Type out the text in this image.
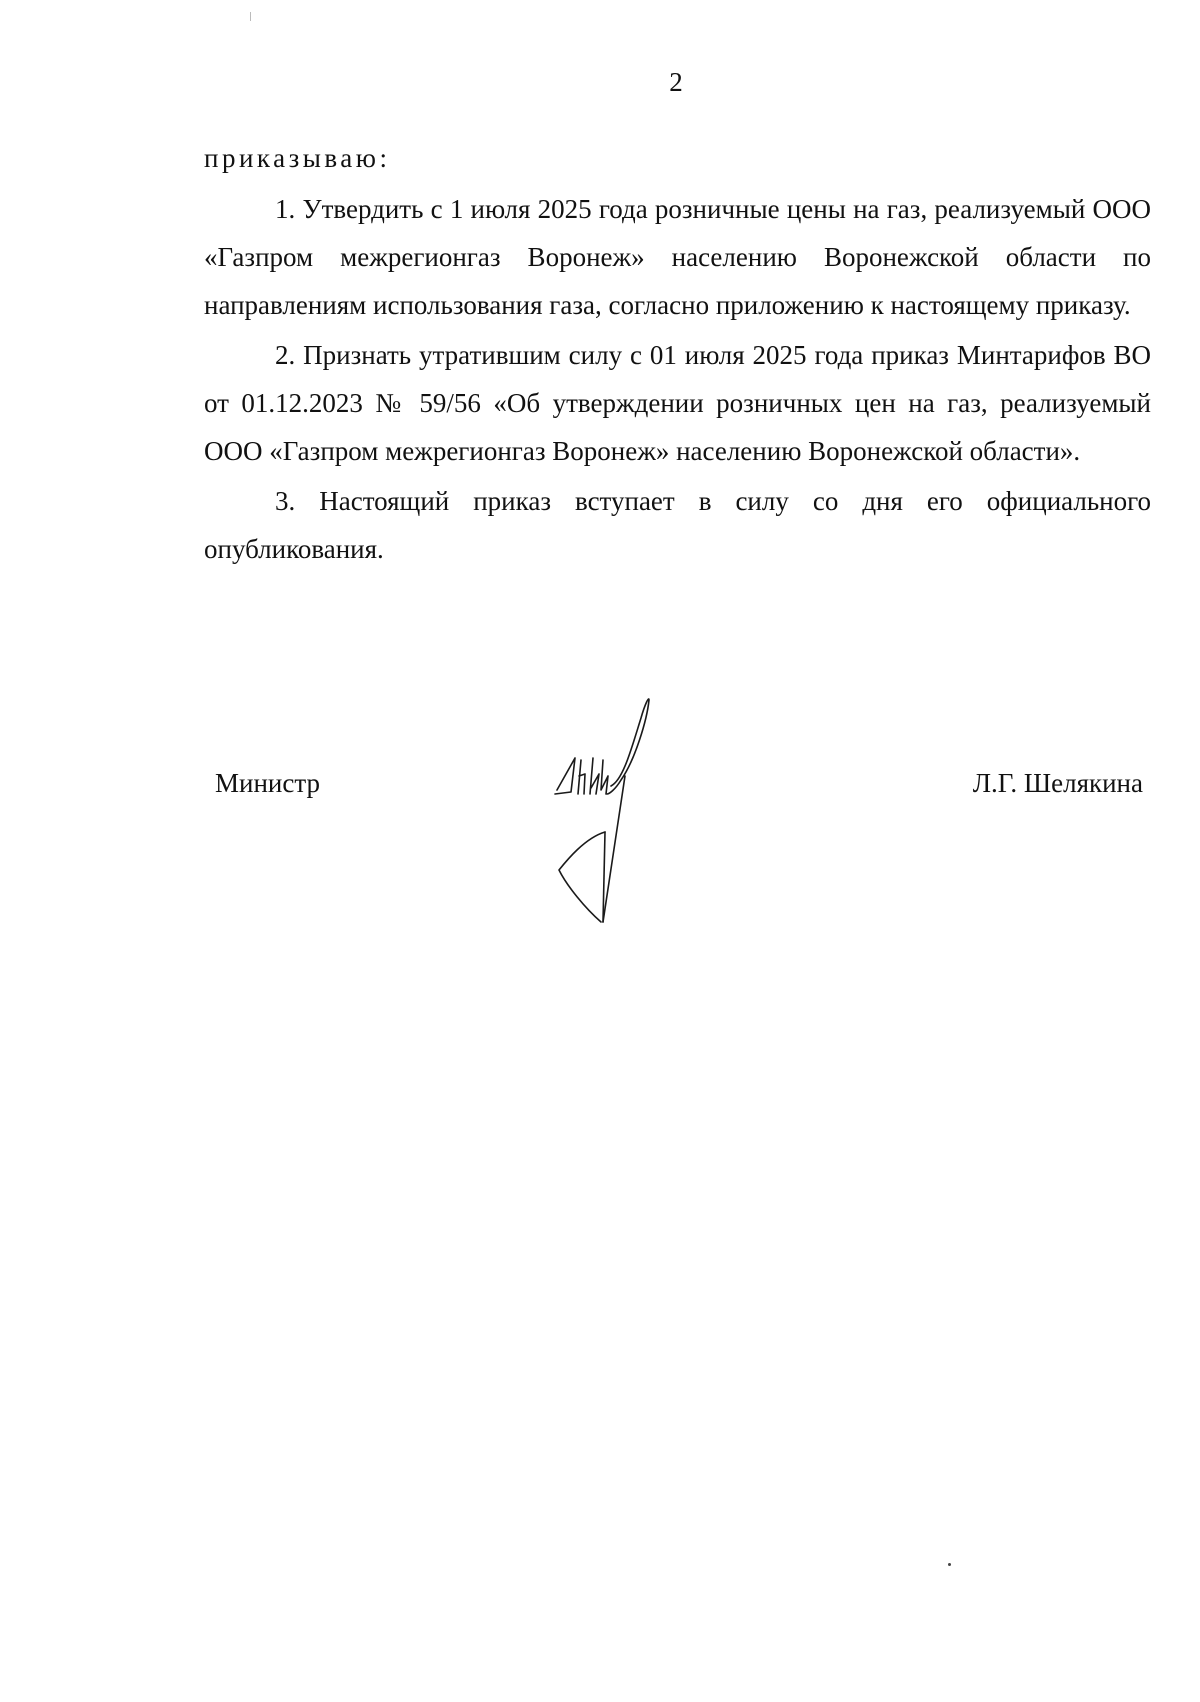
2

приказываю:

1. Утвердить с 1 июля 2025 года розничные цены на газ, реализуемый ООО «Газпром межрегионгаз Воронеж» населению Воронежской области по направлениям использования газа, согласно приложению к настоящему приказу.

2. Признать утратившим силу с 01 июля 2025 года приказ Минтарифов ВО от 01.12.2023 № 59/56 «Об утверждении розничных цен на газ, реализуемый ООО «Газпром межрегионгаз Воронеж» населению Воронежской области».

3. Настоящий приказ вступает в силу со дня его официального опубликования.

Министр	Л.Г. Шелякина
